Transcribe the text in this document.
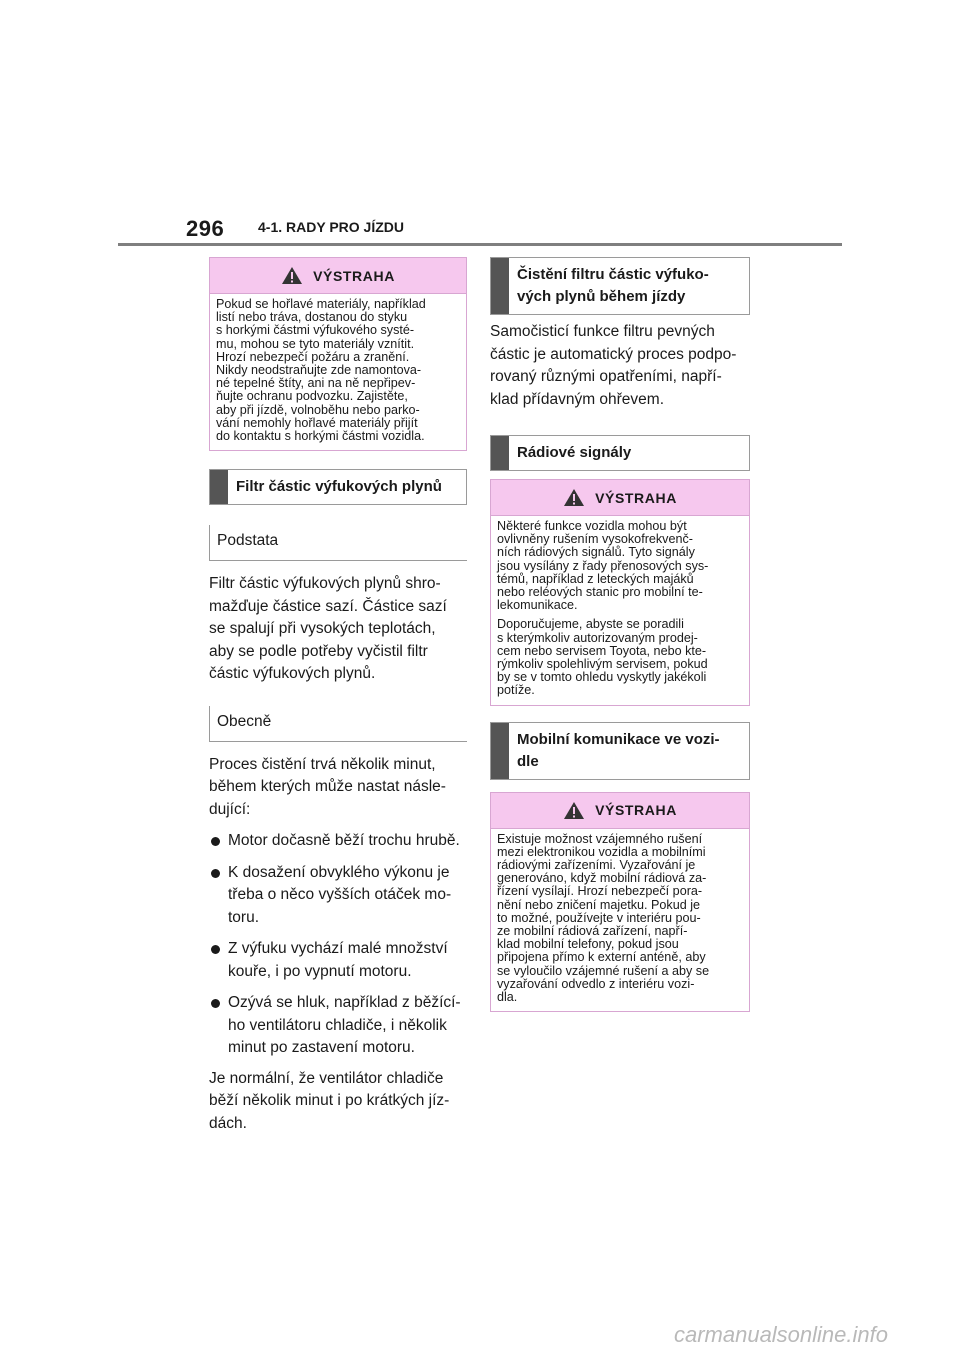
296 4-1. RADY PRO JÍZDU
VÝSTRAHA

Pokud se hořlavé materiály, například
listí nebo tráva, dostanou do styku
s horkými částmi výfukového systé-
mu, mohou se tyto materiály vznítit.
Hrozí nebezpečí požáru a zranění.
Nikdy neodstraňujte zde namontova-
né tepelné štíty, ani na ně nepřipev-
ňujte ochranu podvozku. Zajistěte,
aby při jízdě, volnoběhu nebo parko-
vání nemohly hořlavé materiály přijít
do kontaktu s horkými částmi vozidla.

Filtr částic výfukových plynů
Podstata

Filtr částic výfukových plynů shro-
mažďuje částice sazí. Částice sazí
se spalují při vysokých teplotách,
aby se podle potřeby vyčistil filtr
částic výfukových plynů.

Obecně

Proces čistění trvá několik minut,
během kterých může nastat násle-
dující:

Motor dočasně běží trochu hrubě.
K dosažení obvyklého výkonu je
třeba o něco vyšších otáček mo-
toru.
Z výfuku vychází malé množství
kouře, i po vypnutí motoru.
Ozývá se hluk, například z běžící-
ho ventilátoru chladiče, i několik
minut po zastavení motoru.

Je normální, že ventilátor chladiče
běží několik minut i po krátkých jíz-
dách.

Čistění filtru částic výfuko-
vých plynů během jízdy

Samočisticí funkce filtru pevných
částic je automatický proces podpo-
rovaný různými opatřeními, napří-
klad přídavným ohřevem.

Rádiové signály
VÝSTRAHA

Některé funkce vozidla mohou být
ovlivněny rušením vysokofrekvenč-
ních rádiových signálů. Tyto signály
jsou vysílány z řady přenosových sys-
témů, například z leteckých majáků
nebo reléových stanic pro mobilní te-
lekomunikace.

Doporučujeme, abyste se poradili
s kterýmkoliv autorizovaným prodej-
cem nebo servisem Toyota, nebo kte-
rýmkoliv spolehlivým servisem, pokud
by se v tomto ohledu vyskytly jakékoli
potíže.

Mobilní komunikace ve vozi-
dle
VÝSTRAHA

Existuje možnost vzájemného rušení
mezi elektronikou vozidla a mobilními
rádiovými zařízeními. Vyzařování je
generováno, když mobilní rádiová za-
řízení vysílají. Hrozí nebezpečí pora-
nění nebo zničení majetku. Pokud je
to možné, používejte v interiéru pou-
ze mobilní rádiová zařízení, napří-
klad mobilní telefony, pokud jsou
připojena přímo k externí anténě, aby
se vyloučilo vzájemné rušení a aby se
vyzařování odvedlo z interiéru vozi-
dla.

carmanualsonline.info
